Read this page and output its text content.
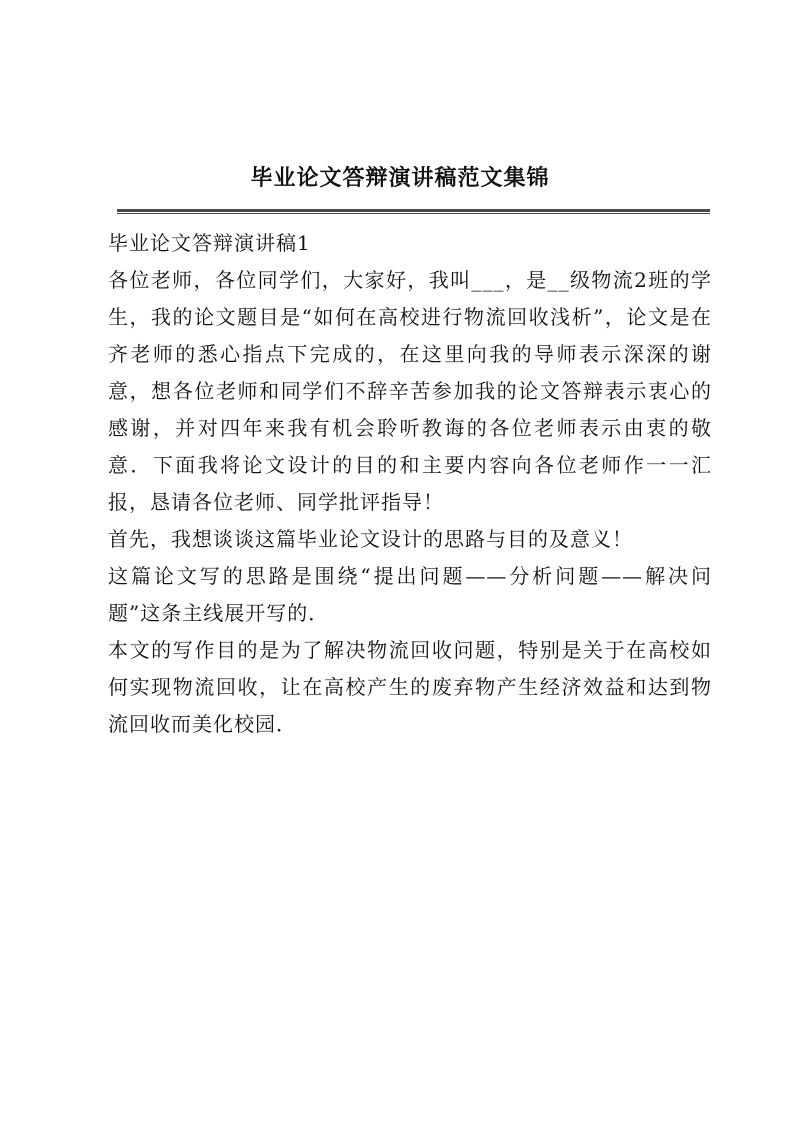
毕业论文答辩演讲稿范文集锦
毕业论文答辩演讲稿1

各位老师，各位同学们，大家好，我叫___，是__级物流2班的学生，我的论文题目是“如何在高校进行物流回收浅析”，论文是在齐老师的悉心指点下完成的，在这里向我的导师表示深深的谢意，想各位老师和同学们不辞辛苦参加我的论文答辩表示衷心的感谢，并对四年来我有机会聆听教诲的各位老师表示由衷的敬意．下面我将论文设计的目的和主要内容向各位老师作一一汇报，恳请各位老师、同学批评指导！

首先，我想谈谈这篇毕业论文设计的思路与目的及意义！

这篇论文写的思路是围绕“提出问题——分析问题——解决问题”这条主线展开写的．

本文的写作目的是为了解决物流回收问题，特别是关于在高校如何实现物流回收，让在高校产生的废弃物产生经济效益和达到物流回收而美化校园．
